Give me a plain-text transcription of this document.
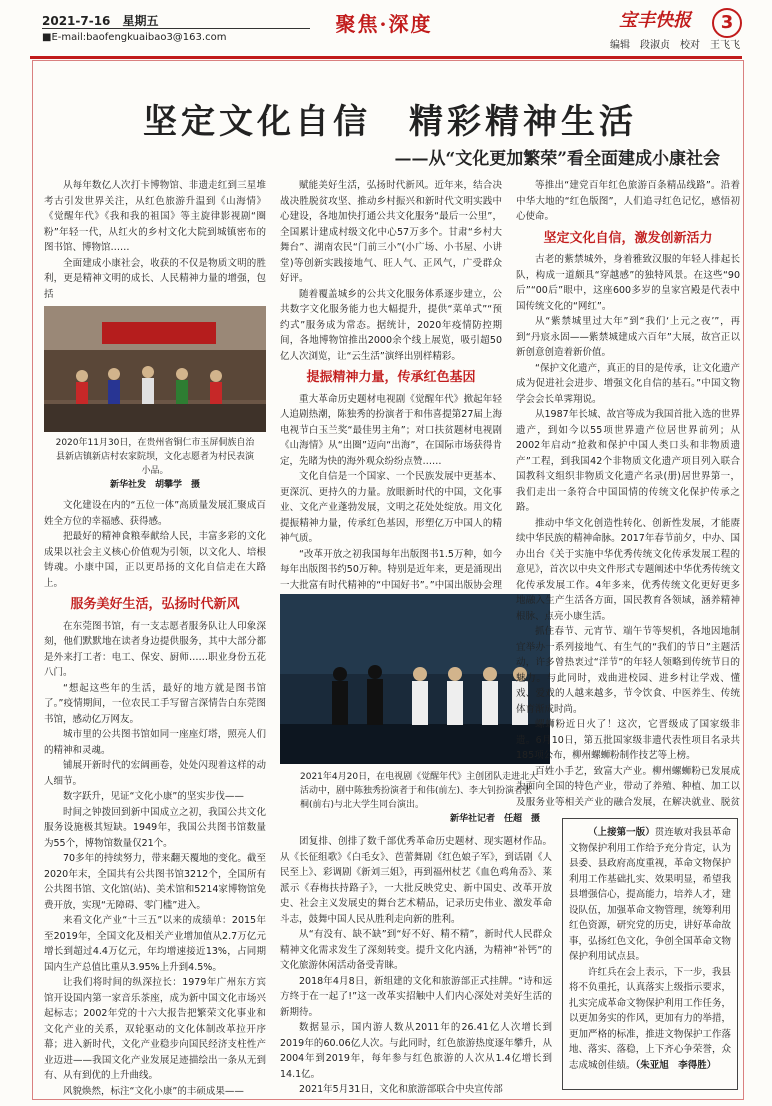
2021-7-16　 星期五
■E-mail:baofengkuaibao3@163.com
聚焦·深度	宝丰快报	3
编辑　段淑贞　校对　王飞飞
坚定文化自信　精彩精神生活
——从“文化更加繁荣”看全面建成小康社会

从每年数亿人次打卡博物馆、非遗走红到三星堆考古引发世界关注，从红色旅游升温到《山海情》《觉醒年代》《我和我的祖国》等主旋律影视剧“圈粉”年轻一代，从红火的乡村文化大院到城镇密布的图书馆、博物馆……

全面建成小康社会，收获的不仅是物质文明的胜利，更是精神文明的成长、人民精神力量的增强，包括

2020年11月30日，在贵州省铜仁市玉屏侗族自治县新店镇新店村农家院坝，文化志愿者为村民表演小品。
新华社发　胡攀学　摄

文化建设在内的“五位一体”高质量发展汇聚成百姓全方位的幸福感、获得感。

把最好的精神食粮奉献给人民，丰富多彩的文化成果以社会主义核心价值观为引领，以文化人、培根铸魂。小康中国，正以更昂扬的文化自信走在大路上。

服务美好生活，弘扬时代新风

在东莞图书馆，有一支志愿者服务队让人印象深刻，他们默默地在读者身边提供服务，其中大部分都是外来打工者：电工、保安、厨师……职业身份五花八门。

“想起这些年的生活，最好的地方就是图书馆了。”疫情期间，一位农民工手写留言深情告白东莞图书馆，感动亿万网友。

城市里的公共图书馆如同一座座灯塔，照亮人们的精神和灵魂。

铺展开新时代的宏阔画卷，处处闪现着这样的动人细节。

数字跃升，见证“文化小康”的坚实步伐——

时间之钟拨回到新中国成立之初，我国公共文化服务设施极其短缺。1949年，我国公共图书馆数量为55个，博物馆数量仅21个。

70多年的持续努力，带来翻天覆地的变化。截至2020年末，全国共有公共图书馆3212个，全国所有公共图书馆、文化馆(站)、美术馆和5214家博物馆免费开放，实现“无障碍、零门槛”进入。

来看文化产业“十三五”以来的成绩单：2015年至2019年，全国文化及相关产业增加值从2.7万亿元增长到超过4.4万亿元，年均增速接近13%，占同期国内生产总值比重从3.95%上升到4.5%。

让我们将时间的纵深拉长：1979年广州东方宾馆开设国内第一家音乐茶座，成为新中国文化市场兴起标志；2002年党的十六大报告把繁荣文化事业和文化产业的关系，双轮驱动的文化体制改革拉开序幕；进入新时代，文化产业稳步向国民经济支柱性产业迈进——我国文化产业发展足迹描绘出一条从无到有、从有到优的上升曲线。

风貌焕然，标注“文化小康”的丰硕成果——

赋能美好生活，弘扬时代新风。近年来，结合决战决胜脱贫攻坚、推动乡村振兴和新时代文明实践中心建设，各地加快打通公共文化服务“最后一公里”，全国累计建成村级文化中心57万多个。甘肃“乡村大舞台”、湖南农民“门前三小”(小广场、小书屋、小讲堂)等创新实践接地气、旺人气、正风气，广受群众好评。

随着覆盖城乡的公共文化服务体系逐步建立，公共数字文化服务能力也大幅提升，提供“菜单式”“预约式”服务成为常态。据统计，2020年疫情防控期间，各地博物馆推出2000余个线上展览，吸引超50亿人次浏览，让“云生活”演绎出别样精彩。

提振精神力量，传承红色基因

重大革命历史题材电视剧《觉醒年代》掀起年轻人追剧热潮，陈独秀的扮演者于和伟喜提第27届上海电视节白玉兰奖“最佳男主角”；对口扶贫题材电视剧《山海情》从“出圈”迈向“出海”，在国际市场获得肯定，先睹为快的海外观众纷纷点赞……

文化自信是一个国家、一个民族发展中更基本、更深沉、更持久的力量。放眼新时代的中国，文化事业、文化产业蓬勃发展，文明之花处处绽放。用文化提振精神力量，传承红色基因，形塑亿万中国人的精神气质。

“改革开放之初我国每年出版图书1.5万种，如今每年出版图书约50万种。特别是近年来，更是涌现出一大批富有时代精神的“中国好书”。”中国出版协会理

2021年4月20日，在电视剧《觉醒年代》主创团队走进北大活动中，剧中陈独秀扮演者于和伟(前左)、李大钊扮演者张桐(前右)与北大学生同台演出。
新华社记者　任超　摄

团复排、创排了数千部优秀革命历史题材、现实题材作品。从《长征组歌》《白毛女》、芭蕾舞剧《红色娘子军》，到话剧《人民至上》、彩调剧《新刘三姐》，再到福州杖艺《血色鸡角岙》、莱派示《春梅扶持路子》，一大批反映党史、新中国史、改革开放史、社会主义发展史的舞台艺术精品，记录历史伟业、激发革命斗志，鼓舞中国人民从胜利走向新的胜利。

从“有没有、缺不缺”到“好不好、精不精”，新时代人民群众精神文化需求发生了深刻转变。提升文化内涵，为精神“补钙”的文化旅游休闲活动备受青睐。

2018年4月8日，新组建的文化和旅游部正式挂牌。“诗和远方终于在一起了!”这一改革实招触中人们内心深处对美好生活的新期待。

数据显示，国内游人数从2011年的26.41亿人次增长到2019年的60.06亿人次。与此同时，红色旅游热度逐年攀升，从2004年到2019年，每年参与红色旅游的人次从1.4亿增长到14.1亿。

2021年5月31日，文化和旅游部联合中央宣传部

等推出“建党百年红色旅游百条精品线路”。沿着中华大地的“红色版图”，人们追寻红色记忆，感悟初心使命。

坚定文化自信，激发创新活力

古老的紫禁城外，身着雅致汉服的年轻人排起长队，构成一道颇具“穿越感”的独特风景。在这些“90后”“00后”眼中，这座600多岁的皇家宫殿是代表中国传统文化的“网红”。

从“紫禁城里过大年”到“我们‘上元之夜’”，再到“丹宸永固——紫禁城建成六百年”大展，故宫正以新创意创造着新价值。

“保护文化遗产，真正的目的是传承，让文化遗产成为促进社会进步、增强文化自信的基石。”中国文物学会会长单霁翔说。

从1987年长城、故宫等成为我国首批入选的世界遗产，到如今以55项世界遗产位居世界前列；从2002年启动“抢救和保护中国人类口头和非物质遗产”工程，到我国42个非物质文化遗产项目列入联合国教科文组织非物质文化遗产名录(册)居世界第一，我们走出一条符合中国国情的传统文化保护传承之路。

推动中华文化创造性转化、创新性发展，才能赓续中华民族的精神命脉。2017年春节前夕，中办、国办出台《关于实施中华优秀传统文化传承发展工程的意见》，首次以中央文件形式专题阐述中华优秀传统文化传承发展工作。4年多来，优秀传统文化更好更多地融入生产生活各方面，国民教育各领域，涵养精神根脉、点亮小康生活。

抓住春节、元宵节、端午节等契机，各地因地制宜举办一系列接地气、有生气的“我们的节日”主题活动，许多曾热衷过“洋节”的年轻人领略到传统节日的魅力。与此同时，戏曲进校园、进乡村让学戏、懂戏、爱戏的人越来越多，节令饮食、中医养生、传统体育渐成时尚。

螺蛳粉近日火了！这次，它晋级成了国家级非遗。6月10日，第五批国家级非遗代表性项目名录共185项公布，柳州螺蛳粉制作技艺等上榜。

百姓小手艺，致富大产业。柳州螺蛳粉已发展成为面向全国的特色产业，带动了养殖、种植、加工以及服务业等相关产业的融合发展，在解决就业、脱贫

（上接第一版）贯连敏对我县革命文物保护利用工作给予充分肯定，认为县委、县政府高度重视，革命文物保护利用工作基础扎实、效果明显，希望我县增强信心，提高能力，培养人才，建设队伍，加强革命文物管理，统筹利用红色资源，研究党的历史，讲好革命故事，弘扬红色文化，争创全国革命文物保护利用试点县。

许红兵在会上表示，下一步，我县将不负重托，认真落实上级指示要求，扎实完成革命文物保护利用工作任务，以更加务实的作风，更加有力的举措，更加严格的标准，推进文物保护工作落地、落实、落稳，上下齐心争荣誉，众志成城创佳绩。（朱亚旭　李得胜）
